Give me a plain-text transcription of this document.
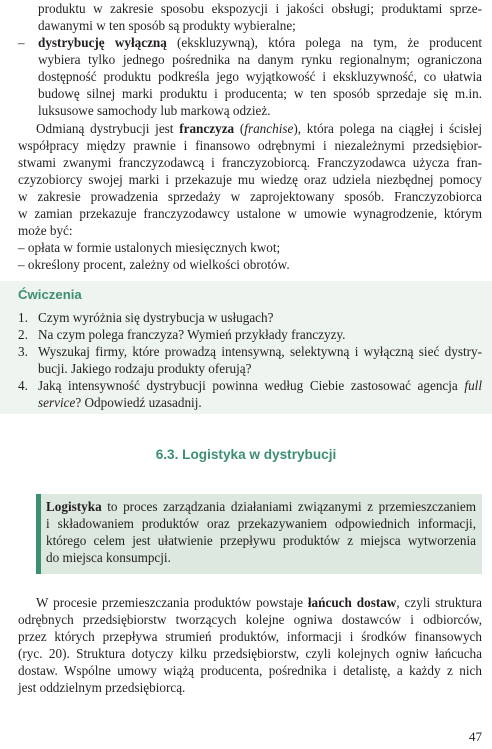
produktu w zakresie sposobu ekspozycji i jakości obsługi; produktami sprze-
dawanymi w ten sposób są produkty wybieralne;
–	dystrybucję wyłączną (ekskluzywną), która polega na tym, że producent
wybiera tylko jednego pośrednika na danym rynku regionalnym; ograniczona
dostępność produktu podkreśla jego wyjątkowość i ekskluzywność, co ułatwia
budowę silnej marki produktu i producenta; w ten sposób sprzedaje się m.in.
luksusowe samochody lub markową odzież.
Odmianą dystrybucji jest franczyza (franchise), która polega na ciągłej i ścisłej
współpracy między prawnie i finansowo odrębnymi i niezależnymi przedsiębior-
stwami zwanymi franczyzodawcą i franczyzobiorcą. Franczyzodawca użycza fran-
czyzobiorcy swojej marki i przekazuje mu wiedzę oraz udziela niezbędnej pomocy
w zakresie prowadzenia sprzedaży w zaprojektowany sposób. Franczyzobiorca
w zamian przekazuje franczyzodawcy ustalone w umowie wynagrodzenie, którym
może być:
– opłata w formie ustalonych miesięcznych kwot;
– określony procent, zależny od wielkości obrotów.
Ćwiczenia
1. Czym wyróżnia się dystrybucja w usługach?
2. Na czym polega franczyza? Wymień przykłady franczyzy.
3. Wyszukaj firmy, które prowadzą intensywną, selektywną i wyłączną sieć dystry-
bucji. Jakiego rodzaju produkty oferują?
4. Jaką intensywność dystrybucji powinna według Ciebie zastosować agencja full
service? Odpowiedź uzasadnij.
6.3. Logistyka w dystrybucji
Logistyka to proces zarządzania działaniami związanymi z przemieszczaniem
i składowaniem produktów oraz przekazywaniem odpowiednich informacji,
którego celem jest ułatwienie przepływu produktów z miejsca wytworzenia
do miejsca konsumpcji.
W procesie przemieszczania produktów powstaje łańcuch dostaw, czyli struktura
odrębnych przedsiębiorstw tworzących kolejne ogniwa dostawców i odbiorców,
przez których przepływa strumień produktów, informacji i środków finansowych
(ryc. 20). Struktura dotyczy kilku przedsiębiorstw, czyli kolejnych ogniw łańcucha
dostaw. Wspólne umowy wiążą producenta, pośrednika i detalistę, a każdy z nich
jest oddzielnym przedsiębiorcą.
47
